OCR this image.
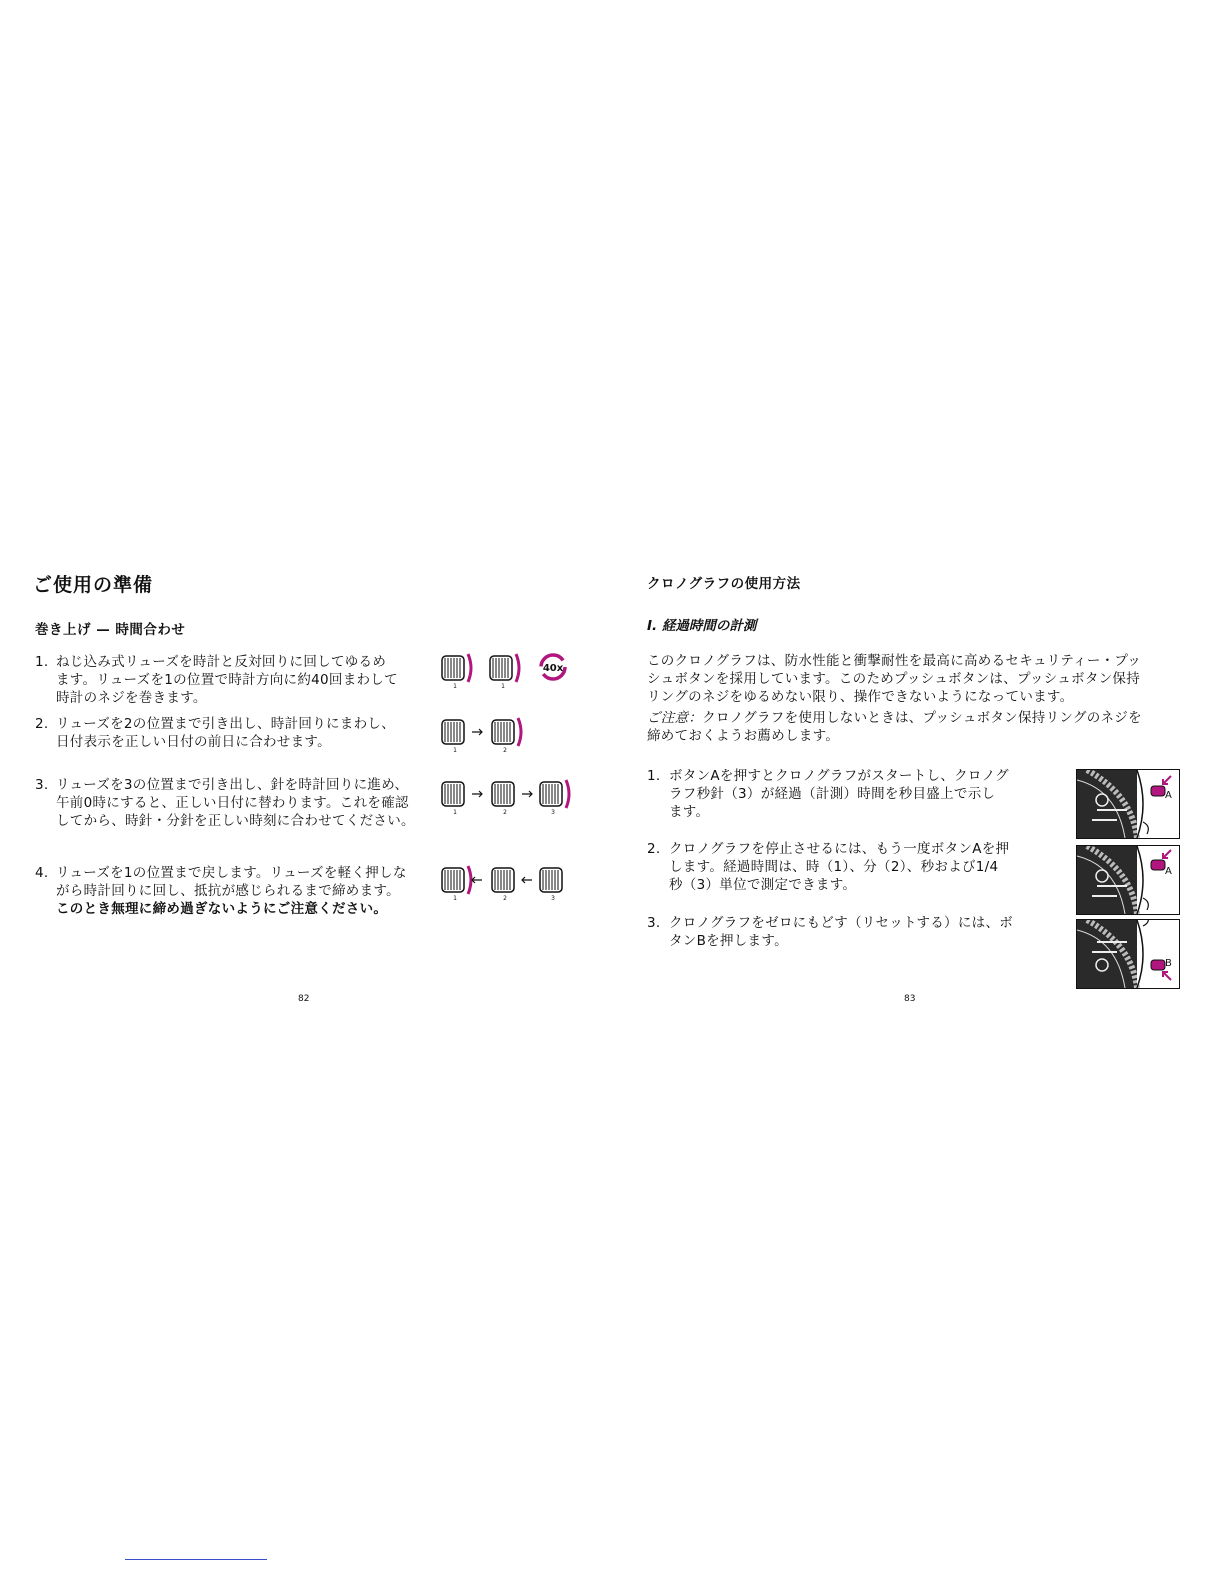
ご使用の準備
巻き上げ — 時間合わせ
1. ねじ込み式リューズを時計と反対回りに回してゆるめ
ます。リューズを1の位置で時計方向に約40回まわして
時計のネジを巻きます。
2. リューズを2の位置まで引き出し、時計回りにまわし、
日付表示を正しい日付の前日に合わせます。
3. リューズを3の位置まで引き出し、針を時計回りに進め、
午前0時にすると、正しい日付に替わります。これを確認
してから、時針・分針を正しい時刻に合わせてください。
4. リューズを1の位置まで戻します。リューズを軽く押しな
がら時計回りに回し、抵抗が感じられるまで締めます。
このとき無理に締め過ぎないようにご注意ください。
40x
1	1
1	2
1	2	3
1	2	3
82
クロノグラフの使用方法
I. 経過時間の計測
このクロノグラフは、防水性能と衝撃耐性を最高に高めるセキュリティー・プッ
シュボタンを採用しています。このためプッシュボタンは、プッシュボタン保持
リングのネジをゆるめない限り、操作できないようになっています。
ご注意：クロノグラフを使用しないときは、プッシュボタン保持リングのネジを
締めておくようお薦めします。
1. ボタンAを押すとクロノグラフがスタートし、クロノグ
ラフ秒針（3）が経過（計測）時間を秒目盛上で示し
ます。
2. クロノグラフを停止させるには、もう一度ボタンAを押
します。経過時間は、時（1）、分（2）、秒および1/4
秒（3）単位で測定できます。
3. クロノグラフをゼロにもどす（リセットする）には、ボ
タンBを押します。
A
A
B
83
